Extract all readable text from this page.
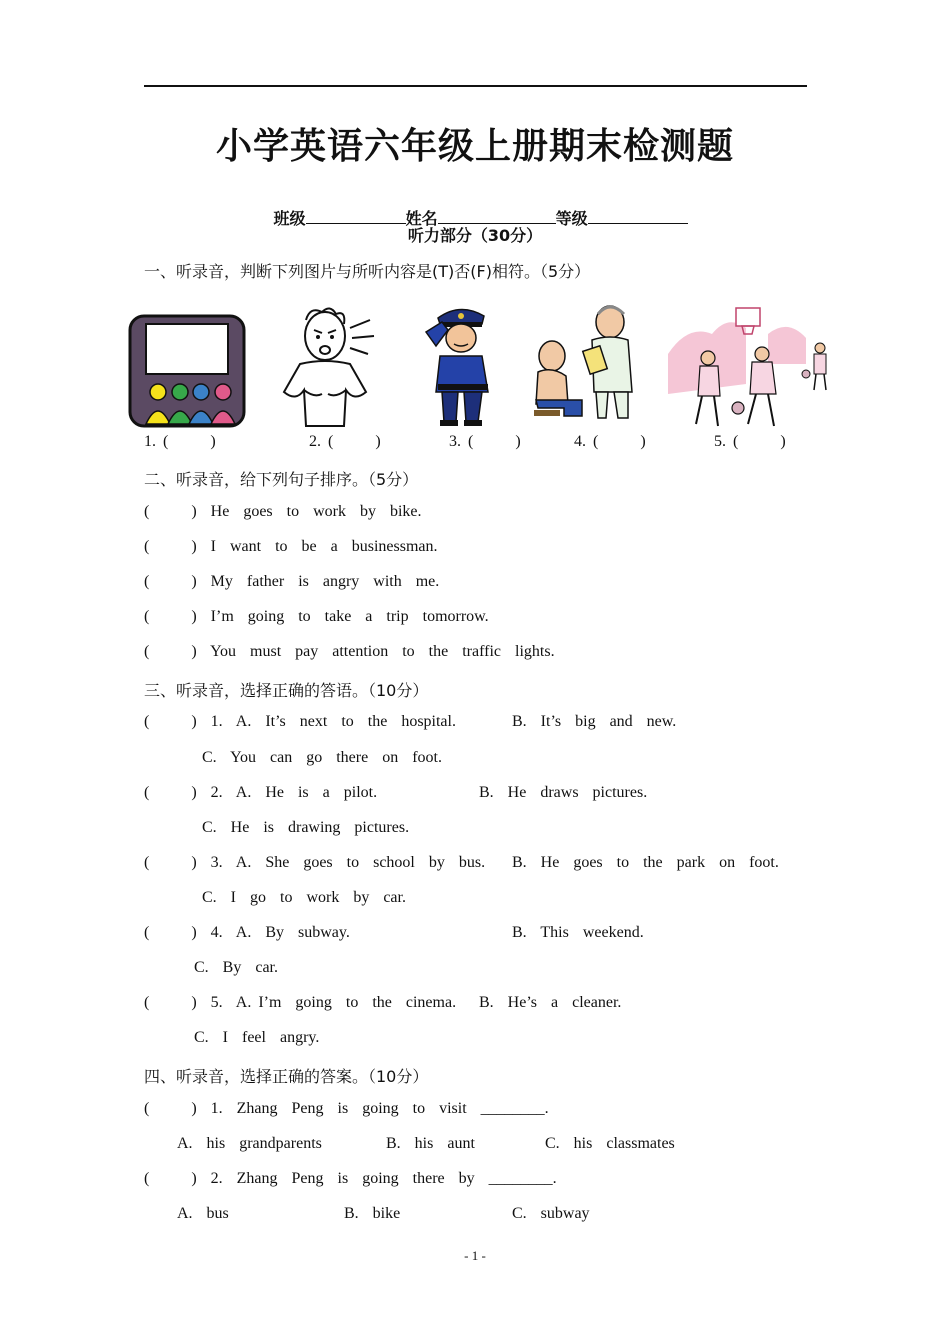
小学英语六年级上册期末检测题

班级	姓名	等级

听力部分（30分）
一、听录音，判断下列图片与所听内容是(T)否(F)相符。（5分）
1. (      )	2. (      )	3. (      )	4. (      )	5. (      )
二、听录音，给下列句子排序。（5分）
(      )  He  goes  to  work  by  bike.
(      )  I  want  to  be  a  businessman.
(      )  My  father  is  angry  with  me.
(      )  I’m  going  to  take  a  trip  tomorrow.
(      )  You  must  pay  attention  to  the  traffic  lights.
三、听录音，选择正确的答语。（10分）
(      )  1.  A.  It’s  next  to  the  hospital.	B.  It’s  big  and  new.
C.  You  can  go  there  on  foot.
(      )  2.  A.  He  is  a  pilot.	B.  He  draws  pictures.
C.  He  is  drawing  pictures.
(      )  3.  A.  She  goes  to  school  by  bus. B.  He  goes  to  the  park  on  foot.
C.  I  go  to  work  by  car.
(      )  4.  A.  By  subway.	B.  This  weekend.
C.  By  car.
(      )  5.  A. I’m  going  to  the  cinema. B.  He’s  a  cleaner.
C.  I  feel  angry.
四、听录音，选择正确的答案。（10分）
(      )  1.  Zhang  Peng  is  going  to  visit  ________.
A.  his  grandparents	B.  his  aunt	C.  his  classmates
(      )  2.  Zhang  Peng  is  going  there  by  ________.
A.  bus	B.  bike	C.  subway
- 1 -
